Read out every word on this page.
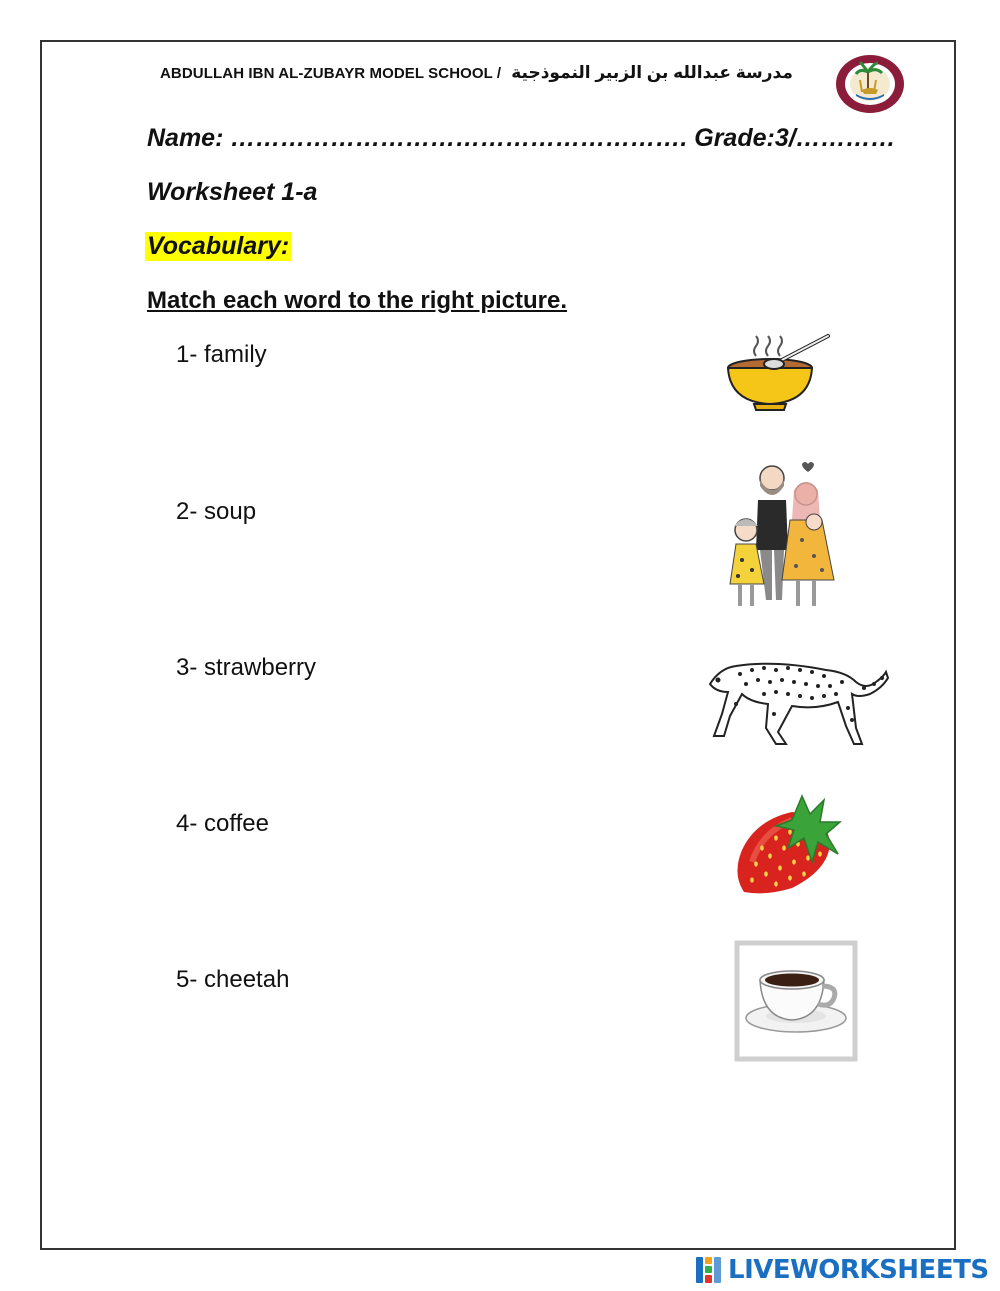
ABDULLAH IBN AL-ZUBAYR MODEL SCHOOL / مدرسة عبدالله بن الزبير النموذجية
Name: ………………………………………………. Grade:3/…………
Worksheet 1-a
Vocabulary:
Match each word to the right picture.
1- family
2- soup
3- strawberry
4- coffee
5- cheetah
LIVEWORKSHEETS
